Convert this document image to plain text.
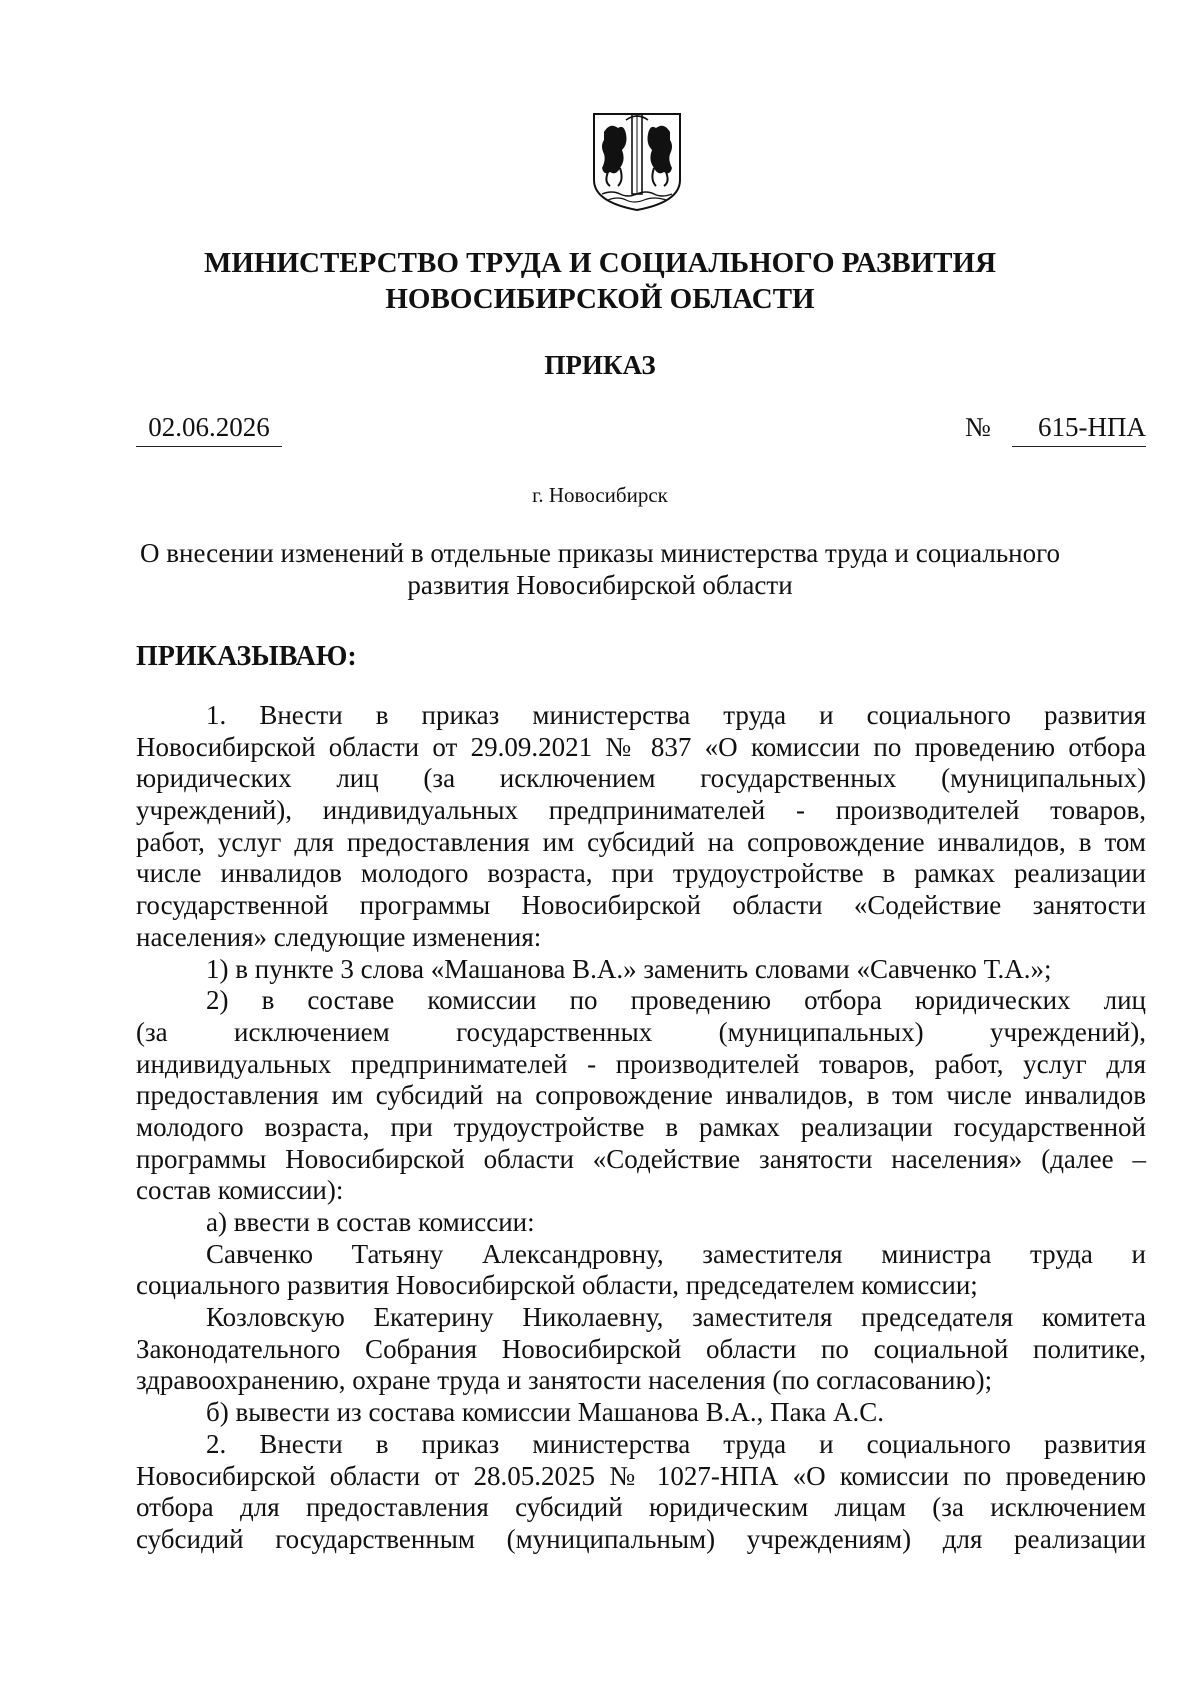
МИНИСТЕРСТВО ТРУДА И СОЦИАЛЬНОГО РАЗВИТИЯ
НОВОСИБИРСКОЙ ОБЛАСТИ
ПРИКАЗ
02.06.2026	№	615-НПА
г. Новосибирск
О внесении изменений в отдельные приказы министерства труда и социального
развития Новосибирской области
ПРИКАЗЫВАЮ:
1. Внести в приказ министерства труда и социального развития
Новосибирской области от 29.09.2021 № 837 «О комиссии по проведению отбора
юридических лиц (за исключением государственных (муниципальных)
учреждений), индивидуальных предпринимателей - производителей товаров,
работ, услуг для предоставления им субсидий на сопровождение инвалидов, в том
числе инвалидов молодого возраста, при трудоустройстве в рамках реализации
государственной программы Новосибирской области «Содействие занятости
населения» следующие изменения:
1) в пункте 3 слова «Машанова В.А.» заменить словами «Савченко Т.А.»;
2) в составе комиссии по проведению отбора юридических лиц
(за исключением государственных (муниципальных) учреждений),
индивидуальных предпринимателей - производителей товаров, работ, услуг для
предоставления им субсидий на сопровождение инвалидов, в том числе инвалидов
молодого возраста, при трудоустройстве в рамках реализации государственной
программы Новосибирской области «Содействие занятости населения» (далее –
состав комиссии):
а) ввести в состав комиссии:
Савченко Татьяну Александровну, заместителя министра труда и
социального развития Новосибирской области, председателем комиссии;
Козловскую Екатерину Николаевну, заместителя председателя комитета
Законодательного Собрания Новосибирской области по социальной политике,
здравоохранению, охране труда и занятости населения (по согласованию);
б) вывести из состава комиссии Машанова В.А., Пака А.С.
2. Внести в приказ министерства труда и социального развития
Новосибирской области от 28.05.2025 № 1027-НПА «О комиссии по проведению
отбора для предоставления субсидий юридическим лицам (за исключением
субсидий государственным (муниципальным) учреждениям) для реализации
